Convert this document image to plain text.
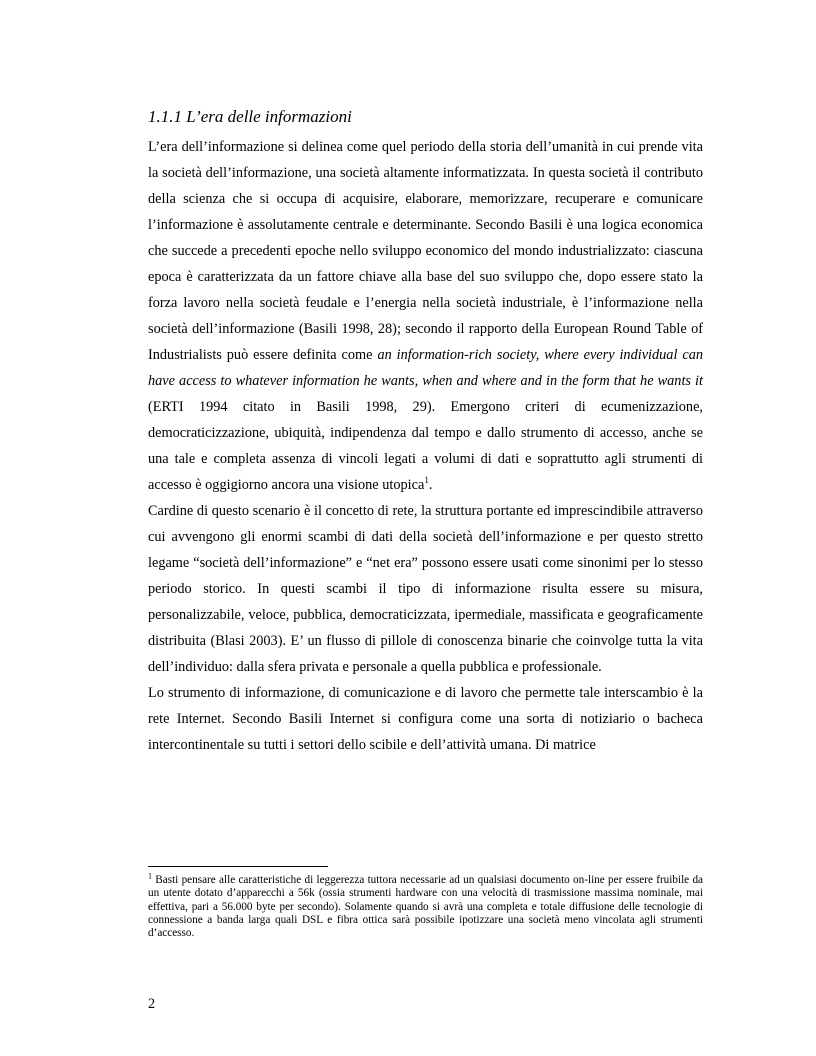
1.1.1 L’era delle informazioni

L’era dell’informazione si delinea come quel periodo della storia dell’umanità in cui prende vita la società dell’informazione, una società altamente informatizzata. In questa società il contributo della scienza che si occupa di acquisire, elaborare, memorizzare, recuperare e comunicare l’informazione è assolutamente centrale e determinante. Secondo Basili è una logica economica che succede a precedenti epoche nello sviluppo economico del mondo industrializzato: ciascuna epoca è caratterizzata da un fattore chiave alla base del suo sviluppo che, dopo essere stato la forza lavoro nella società feudale e l’energia nella società industriale, è l’informazione nella società dell’informazione (Basili 1998, 28); secondo il rapporto della European Round Table of Industrialists può essere definita come an information-rich society, where every individual can have access to whatever information he wants, when and where and in the form that he wants it (ERTI 1994 citato in Basili 1998, 29). Emergono criteri di ecumenizzazione, democraticizzazione, ubiquità, indipendenza dal tempo e dallo strumento di accesso, anche se una tale e completa assenza di vincoli legati a volumi di dati e soprattutto agli strumenti di accesso è oggigiorno ancora una visione utopica$^1$.

Cardine di questo scenario è il concetto di rete, la struttura portante ed imprescindibile attraverso cui avvengono gli enormi scambi di dati della società dell’informazione e per questo stretto legame “società dell’informazione” e “net era” possono essere usati come sinonimi per lo stesso periodo storico. In questi scambi il tipo di informazione risulta essere su misura, personalizzabile, veloce, pubblica, democraticizzata, ipermediale, massificata e geograficamente distribuita (Blasi 2003). E’ un flusso di pillole di conoscenza binarie che coinvolge tutta la vita dell’individuo: dalla sfera privata e personale a quella pubblica e professionale.

Lo strumento di informazione, di comunicazione e di lavoro che permette tale interscambio è la rete Internet. Secondo Basili Internet si configura come una sorta di notiziario o bacheca intercontinentale su tutti i settori dello scibile e dell’attività umana. Di matrice

$^1$ Basti pensare alle caratteristiche di leggerezza tuttora necessarie ad un qualsiasi documento on-line per essere fruibile da un utente dotato d’apparecchi a 56k (ossia strumenti hardware con una velocità di trasmissione massima nominale, mai effettiva, pari a 56.000 byte per secondo). Solamente quando si avrà una completa e totale diffusione delle tecnologie di connessione a banda larga quali DSL e fibra ottica sarà possibile ipotizzare una società meno vincolata agli strumenti d’accesso.
2
